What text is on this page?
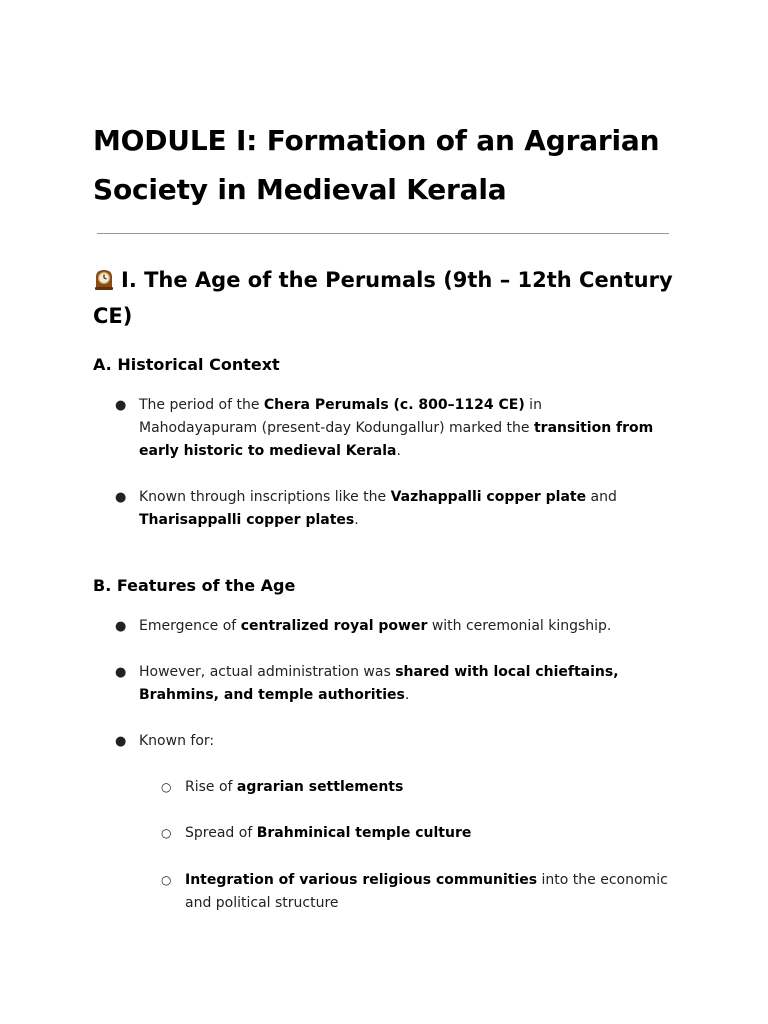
MODULE I: Formation of an Agrarian Society in Medieval Kerala
I. The Age of the Perumals (9th – 12th Century CE)
A. Historical Context
● The period of the Chera Perumals (c. 800–1124 CE) in Mahodayapuram (present-day Kodungallur) marked the transition from early historic to medieval Kerala.
● Known through inscriptions like the Vazhappalli copper plate and Tharisappalli copper plates.
B. Features of the Age
● Emergence of centralized royal power with ceremonial kingship.
● However, actual administration was shared with local chieftains, Brahmins, and temple authorities.
● Known for:
○ Rise of agrarian settlements
○ Spread of Brahminical temple culture
○ Integration of various religious communities into the economic and political structure
